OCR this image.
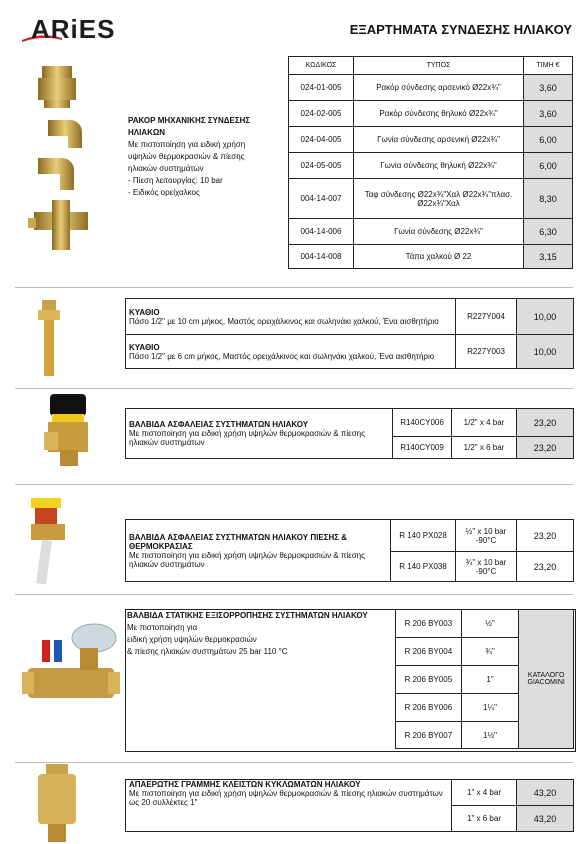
ARiES	ΕΞΑΡΤΗΜΑΤΑ ΣΥΝΔΕΣΗΣ ΗΛΙΑΚΟΥ
ΡΑΚΟΡ ΜΗΧΑΝΙΚΗΣ ΣΥΝΔΕΣΗΣ ΗΛΙΑΚΩΝ
Με πιστοποίηση για ειδική χρήση υψηλών θερμοκρασιών & πίεσης ηλιακών συστημάτων
- Πίεση λειτουργίας: 10 bar
- Ειδικός ορείχαλκος
ΚΩΔΙΚΟΣ	ΤΥΠΟΣ	ΤΙΜΗ €
024-01-005	Ρακόρ σύνδεσης αρσενικό Ø22x¾"	3,60
024-02-005	Ρακόρ σύνδεσης θηλυκό Ø22x¾"	3,60
024-04-005	Γωνία σύνδεσης αρσενική Ø22x¾"	6,00
024-05-005	Γωνία σύνδεσης θηλυκή Ø22x¾"	6,00
004-14-007	Ταφ σύνδεσης Ø22x¾"Χαλ Ø22x¾"πλασ. Ø22x¾"Χαλ	8,30
004-14-006	Γωνία σύνδεσης Ø22x¾"	6,30
004-14-008	Τάπα χαλκού Ø 22	3,15
ΚΥΑΘΙΟ
Πάσο 1/2" με 10 cm μήκος, Μαστός ορειχάλκινος και σωληνάκι χαλκού, Ένα αισθητήριο	R227Y004	10,00
ΚΥΑΘΙΟ
Πάσο 1/2" με 6 cm μήκος, Μαστός ορειχάλκινος και σωληνάκι χαλκού, Ένα αισθητήριο	R227Y003	10,00
ΒΑΛΒΙΔΑ ΑΣΦΑΛΕΙΑΣ ΣΥΣΤΗΜΑΤΩΝ ΗΛΙΑΚΟΥ
Με πιστοποίηση για ειδική χρήση υψηλών θερμοκρασιών & πίεσης ηλιακών συστημάτων	R140CY006	1/2" x 4 bar	23,20
	R140CY009	1/2" x 6 bar	23,20
ΒΑΛΒΙΔΑ ΑΣΦΑΛΕΙΑΣ ΣΥΣΤΗΜΑΤΩΝ ΗΛΙΑΚΟΥ ΠΙΕΣΗΣ & ΘΕΡΜΟΚΡΑΣΙΑΣ
Με πιστοποίηση για ειδική χρήση υψηλών θερμοκρασιών & πίεσης ηλιακών συστημάτων	R 140 PX028	½" x 10 bar -90°C	23,20
	R 140 PX038	¾" x 10 bar -90°C	23,20
ΒΑΛΒΙΔΑ ΣΤΑΤΙΚΗΣ ΕΞΙΣΟΡΡΟΠΗΣΗΣ ΣΥΣΤΗΜΑΤΩΝ ΗΛΙΑΚΟΥ
Με πιστοποίηση για
ειδική χρήση υψηλών θερμοκρασιών
& πίεσης ηλιακών συστημάτων 25 bar 110 °C
R 206 BY003	½"	ΚΑΤΑΛΟΓΟ GIACOMINI
R 206 BY004	¾"	
R 206 BY005	1"	
R 206 BY006	1¼"	
R 206 BY007	1½"	
ΑΠΑΕΡΩΤΗΣ ΓΡΑΜΜΗΣ ΚΛΕΙΣΤΩΝ ΚΥΚΛΩΜΑΤΩΝ ΗΛΙΑΚΟΥ
Με πιστοποίηση για ειδική χρήση υψηλών θερμοκρασιών & πίεσης ηλιακών συστημάτων ως 20 συλλέκτες 1"	1" x 4 bar	43,20
	1" x 6 bar	43,20
